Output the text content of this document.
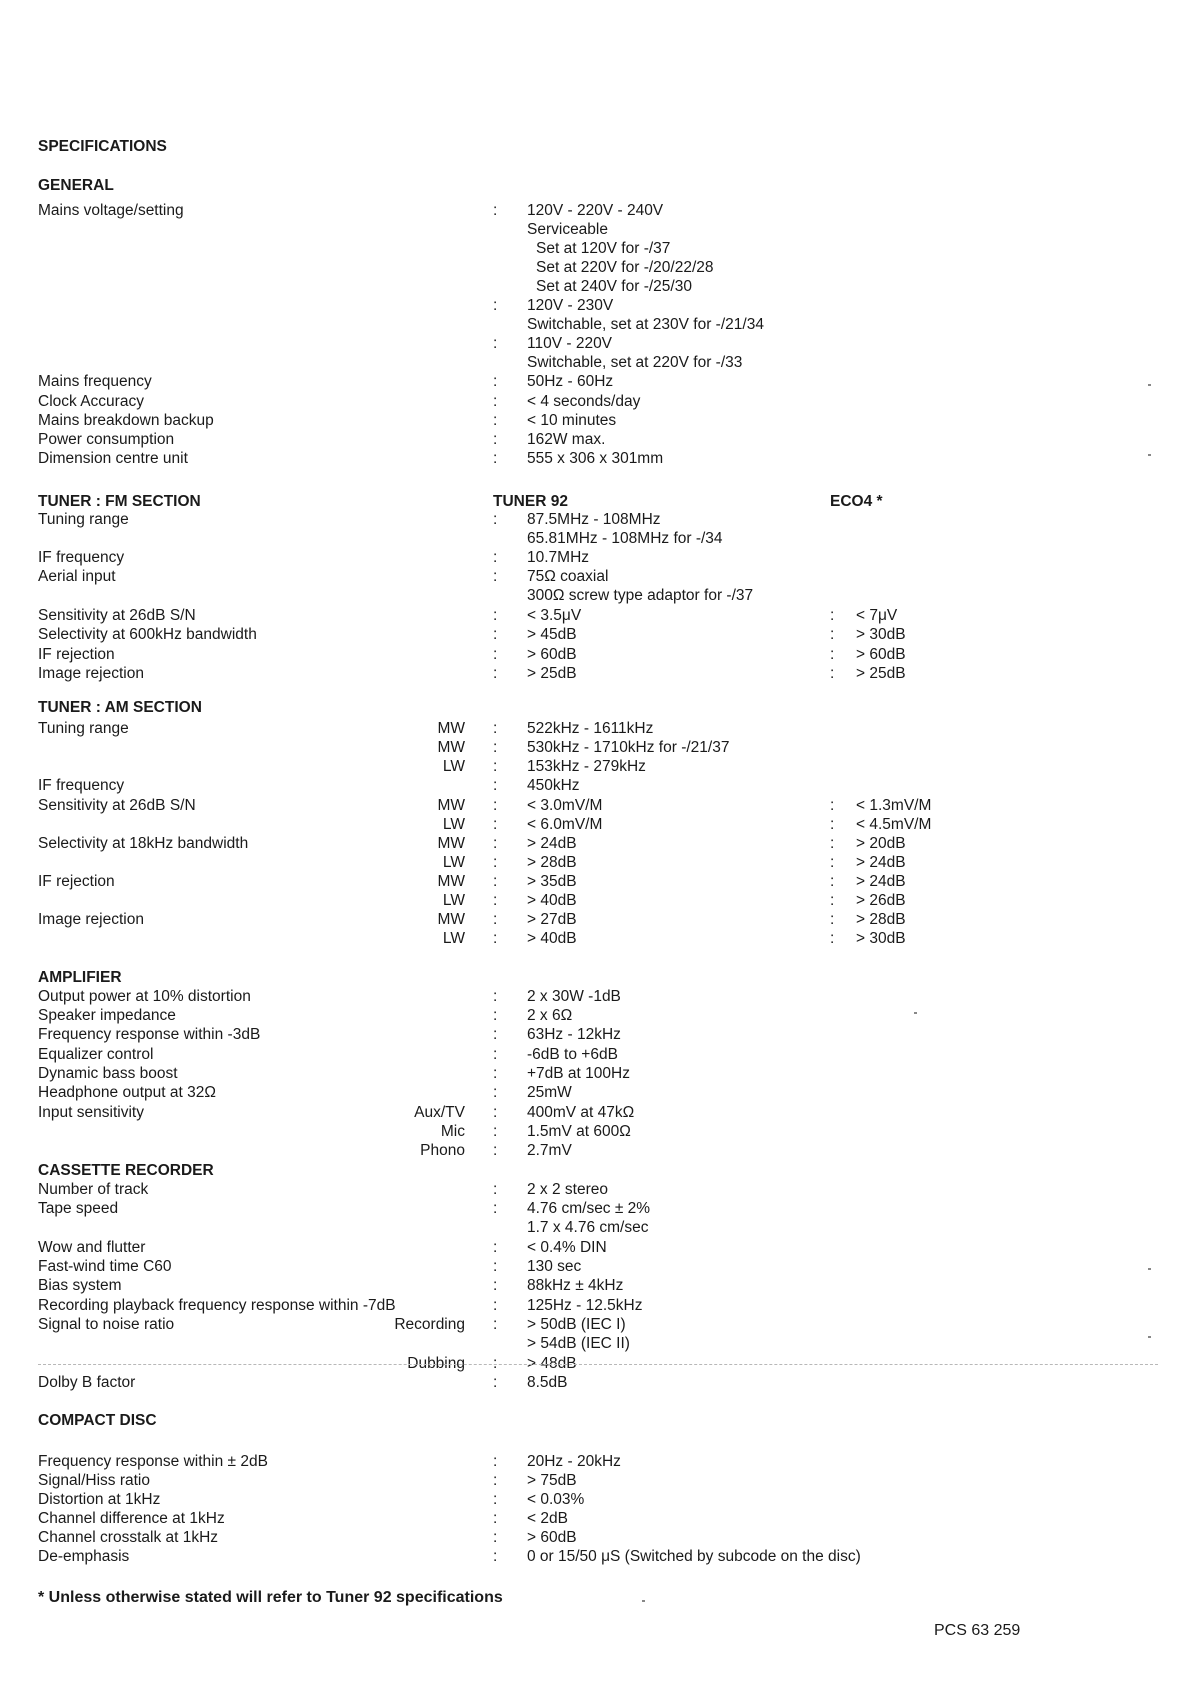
SPECIFICATIONS
GENERAL
TUNER : FM SECTION	TUNER 92	ECO4 *
TUNER : AM SECTION
AMPLIFIER
CASSETTE RECORDER
COMPACT DISC
Mains voltage/setting	: 120V - 220V - 240V
Serviceable
Set at 120V for -/37
Set at 220V for -/20/22/28
Set at 240V for -/25/30
: 120V - 230V
Switchable, set at 230V for -/21/34
: 110V - 220V
Switchable, set at 220V for -/33
Mains frequency	: 50Hz - 60Hz
Clock Accuracy	: < 4 seconds/day
Mains breakdown backup	: < 10 minutes
Power consumption	: 162W max.
Dimension centre unit	: 555 x 306 x 301mm
Tuning range	: 87.5MHz - 108MHz
65.81MHz - 108MHz for -/34
IF frequency	: 10.7MHz
Aerial input	: 75Ω coaxial
300Ω screw type adaptor for -/37
Sensitivity at 26dB S/N	: < 3.5μV	: < 7μV
Selectivity at 600kHz bandwidth	: > 45dB	: > 30dB
IF rejection	: > 60dB	: > 60dB
Image rejection	: > 25dB	: > 25dB
Tuning range	MW : 522kHz - 1611kHz
MW : 530kHz - 1710kHz for -/21/37
LW : 153kHz - 279kHz
IF frequency	: 450kHz
Sensitivity at 26dB S/N	MW : < 3.0mV/M	: < 1.3mV/M
LW : < 6.0mV/M	: < 4.5mV/M
Selectivity at 18kHz bandwidth	MW : > 24dB	: > 20dB
LW : > 28dB	: > 24dB
IF rejection	MW : > 35dB	: > 24dB
LW : > 40dB	: > 26dB
Image rejection	MW : > 27dB	: > 28dB
LW : > 40dB	: > 30dB
Output power at 10% distortion	: 2 x 30W -1dB
Speaker impedance	: 2 x 6Ω
Frequency response within -3dB	: 63Hz - 12kHz
Equalizer control	: -6dB to +6dB
Dynamic bass boost	: +7dB at 100Hz
Headphone output at 32Ω	: 25mW
Input sensitivity	Aux/TV : 400mV at 47kΩ
Mic : 1.5mV at 600Ω
Phono : 2.7mV
Number of track	: 2 x 2 stereo
Tape speed	: 4.76 cm/sec ± 2%
1.7 x 4.76 cm/sec
Wow and flutter	: < 0.4% DIN
Fast-wind time C60	: 130 sec
Bias system	: 88kHz ± 4kHz
Recording playback frequency response within -7dB	: 125Hz - 12.5kHz
Signal to noise ratio	Recording : > 50dB (IEC I)
> 54dB (IEC II)
Dubbing : > 48dB
Dolby B factor	: 8.5dB
Frequency response within ± 2dB	: 20Hz - 20kHz
Signal/Hiss ratio	: > 75dB
Distortion at 1kHz	: < 0.03%
Channel difference at 1kHz	: < 2dB
Channel crosstalk at 1kHz	: > 60dB
De-emphasis	: 0 or 15/50 μS (Switched by subcode on the disc)
* Unless otherwise stated will refer to Tuner 92 specifications
PCS 63 259
